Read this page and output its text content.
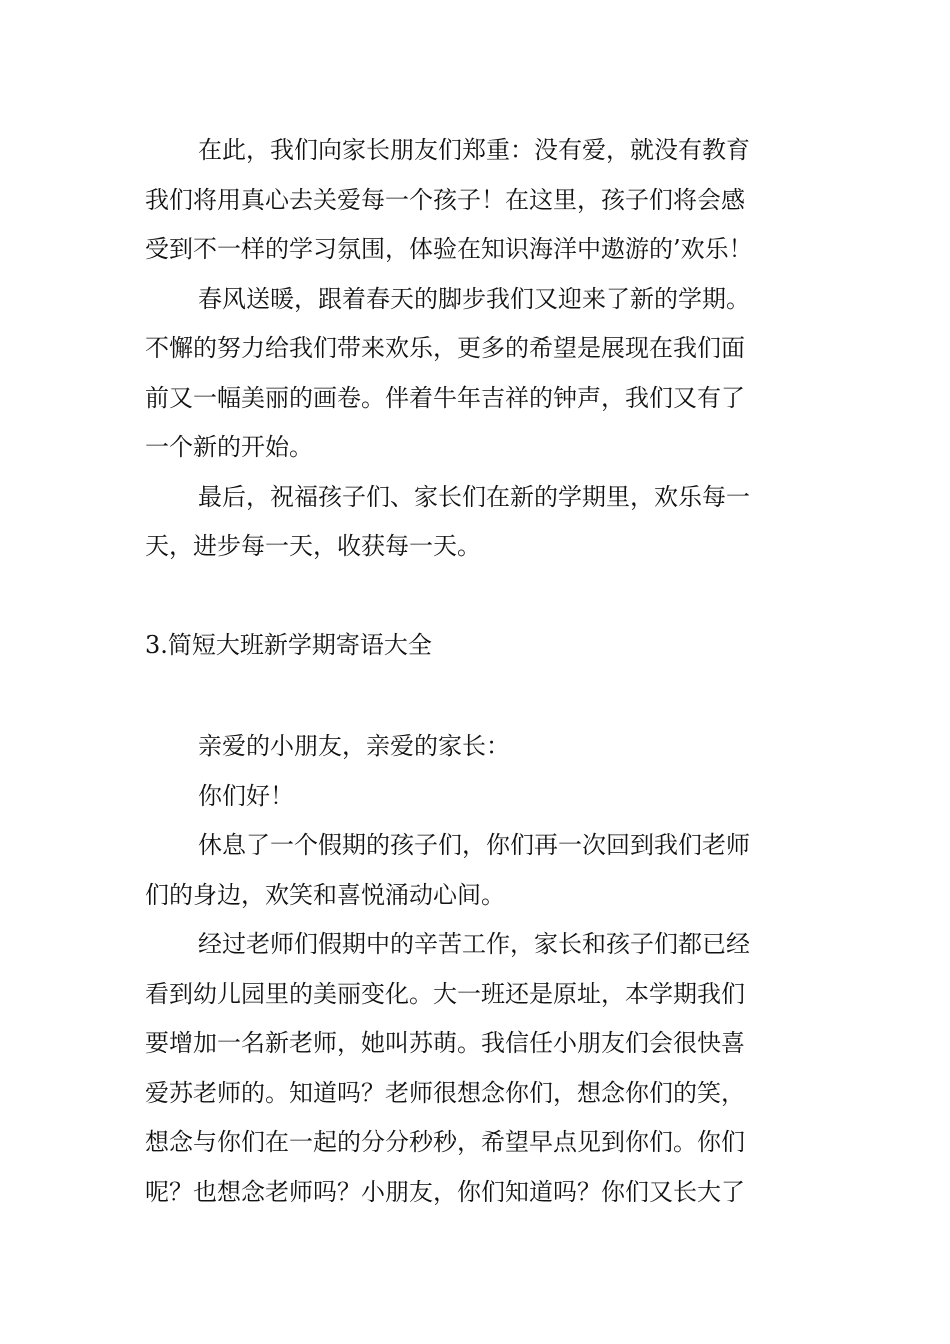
在此，我们向家长朋友们郑重：没有爱，就没有教育
我们将用真心去关爱每一个孩子！在这里，孩子们将会感
受到不一样的学习氛围，体验在知识海洋中遨游的’欢乐！
春风送暖，跟着春天的脚步我们又迎来了新的学期。
不懈的努力给我们带来欢乐，更多的希望是展现在我们面
前又一幅美丽的画卷。伴着牛年吉祥的钟声，我们又有了
一个新的开始。
最后，祝福孩子们、家长们在新的学期里，欢乐每一
天，进步每一天，收获每一天。
3.简短大班新学期寄语大全
亲爱的小朋友，亲爱的家长：
你们好！
休息了一个假期的孩子们，你们再一次回到我们老师
们的身边，欢笑和喜悦涌动心间。
经过老师们假期中的辛苦工作，家长和孩子们都已经
看到幼儿园里的美丽变化。大一班还是原址，本学期我们
要增加一名新老师，她叫苏萌。我信任小朋友们会很快喜
爱苏老师的。知道吗？老师很想念你们，想念你们的笑，
想念与你们在一起的分分秒秒，希望早点见到你们。你们
呢？也想念老师吗？小朋友，你们知道吗？你们又长大了
